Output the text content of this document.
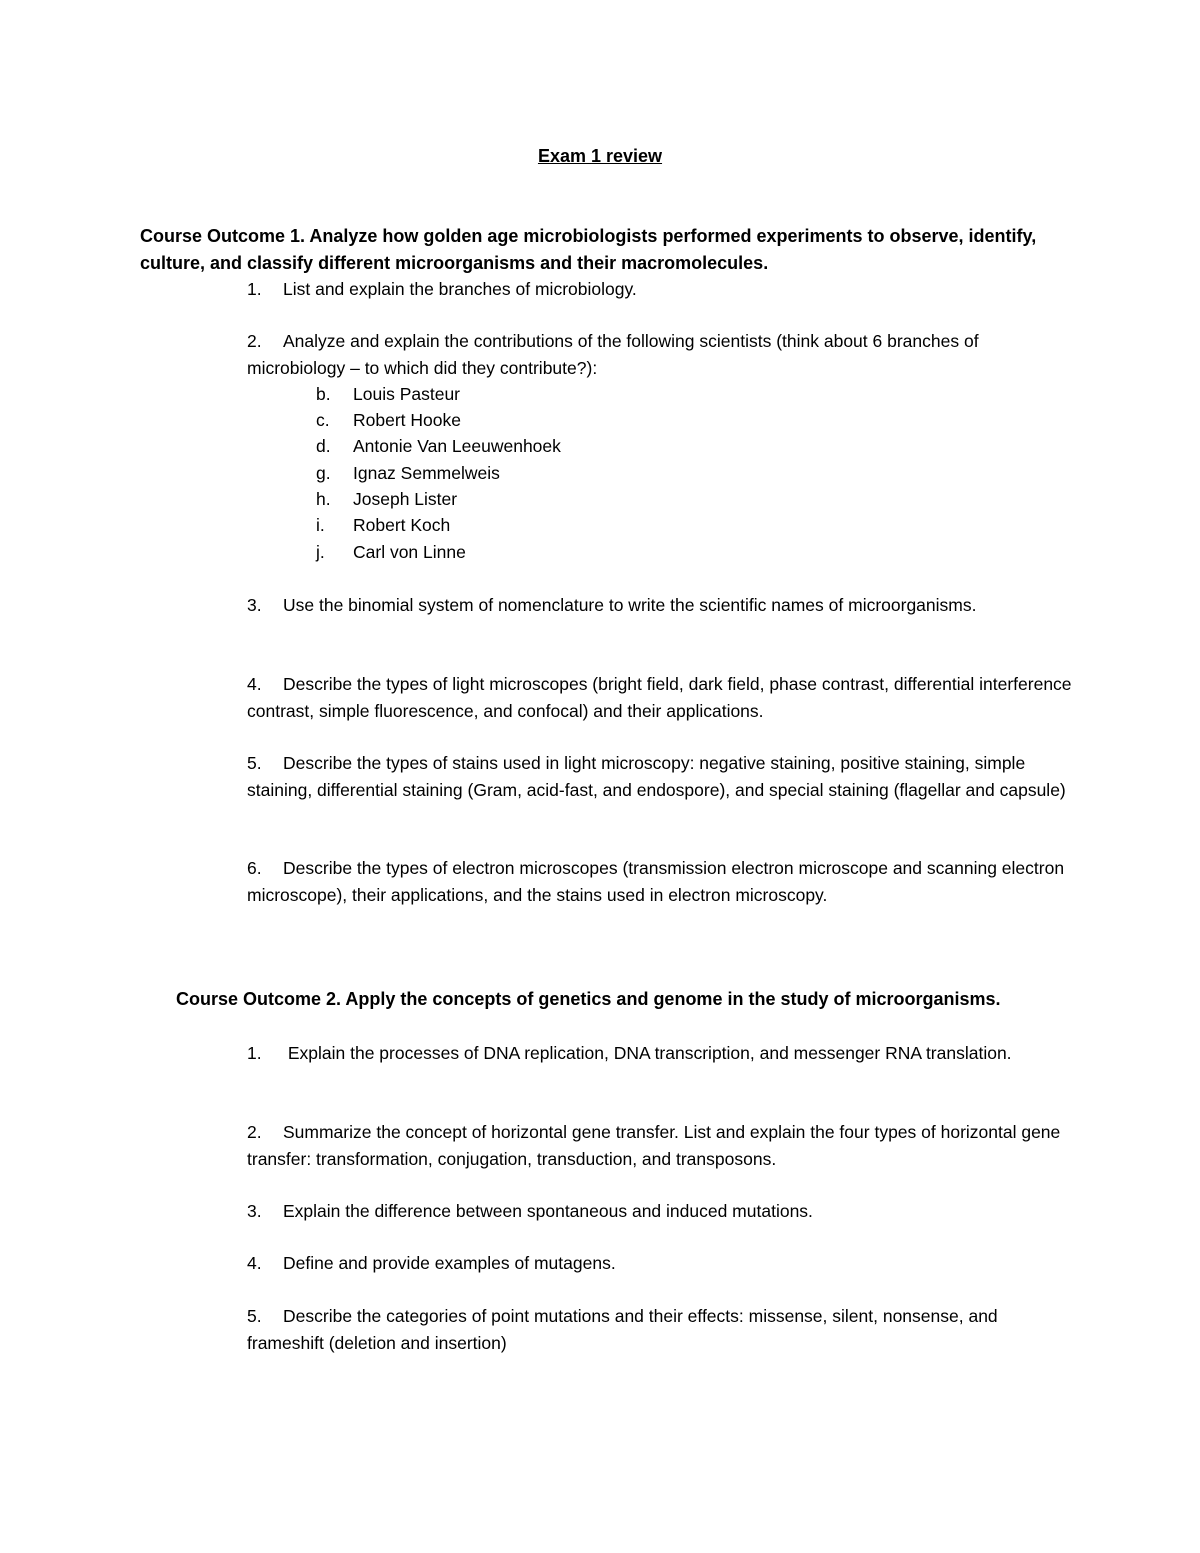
Exam 1 review
Course Outcome 1. Analyze how golden age microbiologists performed experiments to observe, identify, culture, and classify different microorganisms and their macromolecules.
1. List and explain the branches of microbiology.
2. Analyze and explain the contributions of the following scientists (think about 6 branches of microbiology – to which did they contribute?):
b. Louis Pasteur
c. Robert Hooke
d. Antonie Van Leeuwenhoek
g. Ignaz Semmelweis
h. Joseph Lister
i. Robert Koch
j. Carl von Linne
3. Use the binomial system of nomenclature to write the scientific names of microorganisms.
4. Describe the types of light microscopes (bright field, dark field, phase contrast, differential interference contrast, simple fluorescence, and confocal) and their applications.
5. Describe the types of stains used in light microscopy: negative staining, positive staining, simple staining, differential staining (Gram, acid-fast, and endospore), and special staining (flagellar and capsule)
6. Describe the types of electron microscopes (transmission electron microscope and scanning electron microscope), their applications, and the stains used in electron microscopy.
Course Outcome 2. Apply the concepts of genetics and genome in the study of microorganisms.
1. Explain the processes of DNA replication, DNA transcription, and messenger RNA translation.
2. Summarize the concept of horizontal gene transfer. List and explain the four types of horizontal gene transfer: transformation, conjugation, transduction, and transposons.
3. Explain the difference between spontaneous and induced mutations.
4. Define and provide examples of mutagens.
5. Describe the categories of point mutations and their effects: missense, silent, nonsense, and frameshift (deletion and insertion)
